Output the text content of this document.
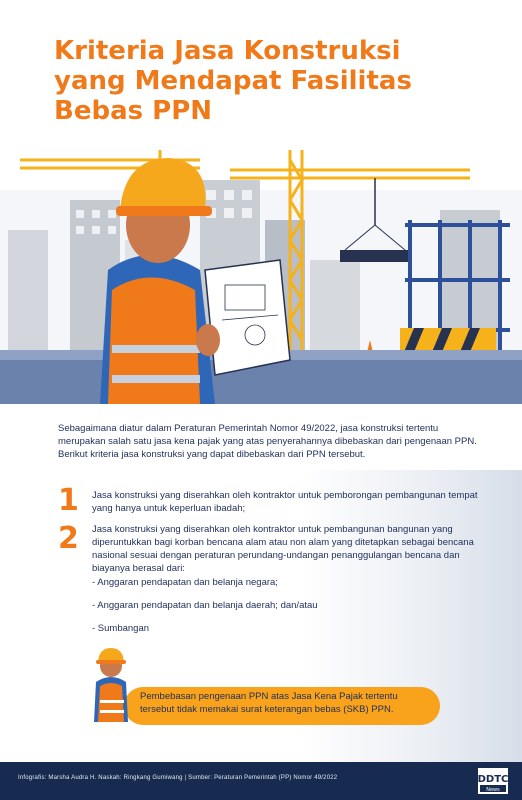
Kriteria Jasa Konstruksi
yang Mendapat Fasilitas
Bebas PPN

Sebagaimana diatur dalam Peraturan Pemerintah Nomor 49/2022, jasa konstruksi tertentu merupakan salah satu jasa kena pajak yang atas penyerahannya dibebaskan dari pengenaan PPN. Berikut kriteria jasa konstruksi yang dapat dibebaskan dari PPN tersebut.

1 Jasa konstruksi yang diserahkan oleh kontraktor untuk pemborongan pembangunan tempat yang hanya untuk keperluan ibadah;

2 Jasa konstruksi yang diserahkan oleh kontraktor untuk pembangunan bangunan yang diperuntukkan bagi korban bencana alam atau non alam yang ditetapkan sebagai bencana nasional sesuai dengan peraturan perundang-undangan penanggulangan bencana dan biayanya berasal dari:

- Anggaran pendapatan dan belanja negara;

- Anggaran pendapatan dan belanja daerah; dan/atau

- Sumbangan

Pembebasan pengenaan PPN atas Jasa Kena Pajak tertentu tersebut tidak memakai surat keterangan bebas (SKB) PPN.

Infografis: Marsha Audra H. Naskah: Ringkang Gumiwang | Sumber: Peraturan Pemerintah (PP) Nomor 49/2022	DDTC
News
